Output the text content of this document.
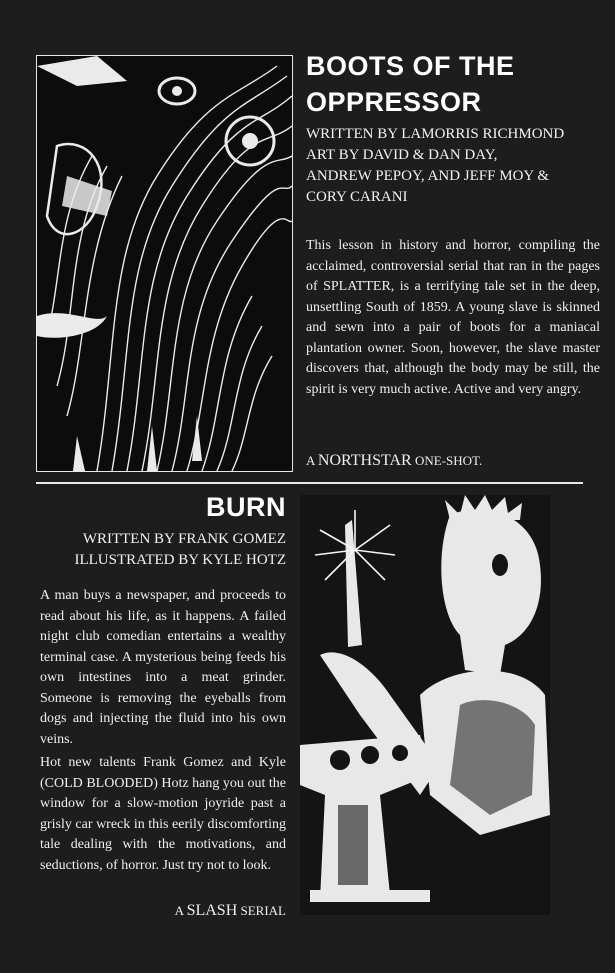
BOOTS OF THE
OPPRESSOR
WRITTEN BY LAMORRIS RICHMOND
ART BY DAVID & DAN DAY,
ANDREW PEPOY, AND JEFF MOY &
CORY CARANI

This lesson in history and horror, compiling the acclaimed, controversial serial that ran in the pages of SPLATTER, is a terrifying tale set in the deep, unsettling South of 1859. A young slave is skinned and sewn into a pair of boots for a maniacal plantation owner. Soon, however, the slave master discovers that, although the body may be still, the spirit is very much active. Active and very angry.

A NORTHSTAR ONE-SHOT.
BURN
WRITTEN BY FRANK GOMEZ
ILLUSTRATED BY KYLE HOTZ

A man buys a newspaper, and proceeds to read about his life, as it happens. A failed night club comedian entertains a wealthy terminal case. A mysterious being feeds his own intestines into a meat grinder. Someone is removing the eyeballs from dogs and injecting the fluid into his own veins.

Hot new talents Frank Gomez and Kyle (COLD BLOODED) Hotz hang you out the window for a slow-motion joyride past a grisly car wreck in this eerily discomforting tale dealing with the motivations, and seductions, of horror. Just try not to look.

A SLASH SERIAL
